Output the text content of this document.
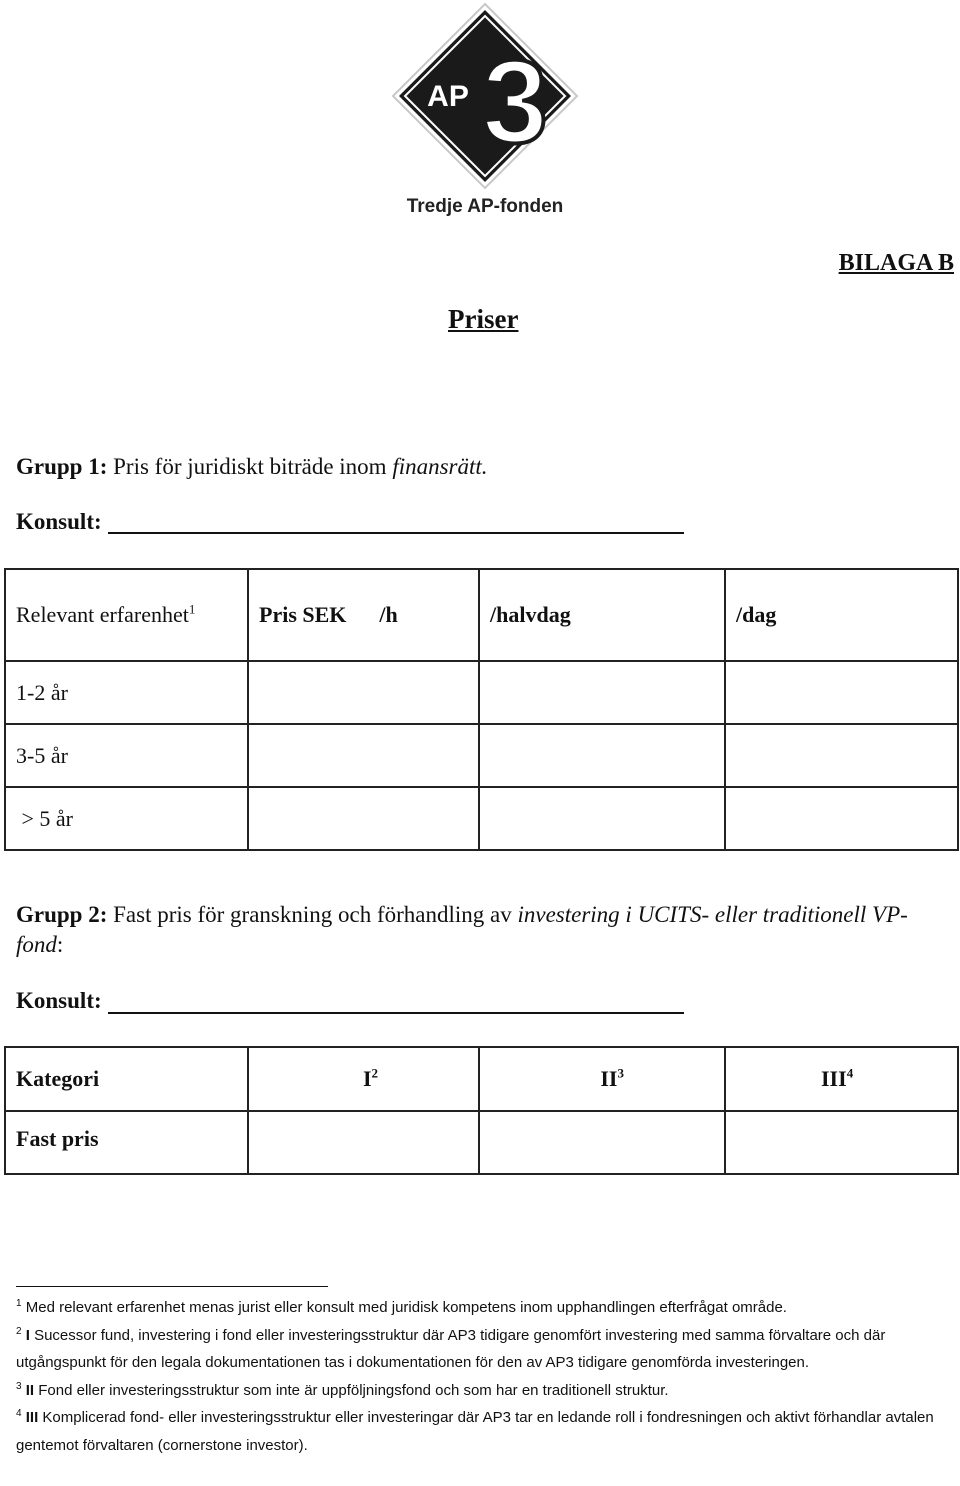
3
AP
Tredje AP-fonden
BILAGA B
Priser
Grupp 1: Pris för juridiskt biträde inom finansrätt.
Konsult:
Relevant erfarenhet$^1$	Pris SEK      /h	/halvdag	/dag
1-2 år			
3-5 år			
> 5 år			
Grupp 2: Fast pris för granskning och förhandling av investering i UCITS- eller traditionell VP-fond:
Konsult:
Kategori	$I^2$	$II^3$	III$^4$
Fast pris			

$^1$ Med relevant erfarenhet menas jurist eller konsult med juridisk kompetens inom upphandlingen efterfrågat område.

$^2$ I Sucessor fund, investering i fond eller investeringsstruktur där AP3 tidigare genomfört investering med samma förvaltare och där utgångspunkt för den legala dokumentationen tas i dokumentationen för den av AP3 tidigare genomförda investeringen.

$^3$ II Fond eller investeringsstruktur som inte är uppföljningsfond och som har en traditionell struktur.

$^4$ III Komplicerad fond- eller investeringsstruktur eller investeringar där AP3 tar en ledande roll i fondresningen och aktivt förhandlar avtalen gentemot förvaltaren (cornerstone investor).
